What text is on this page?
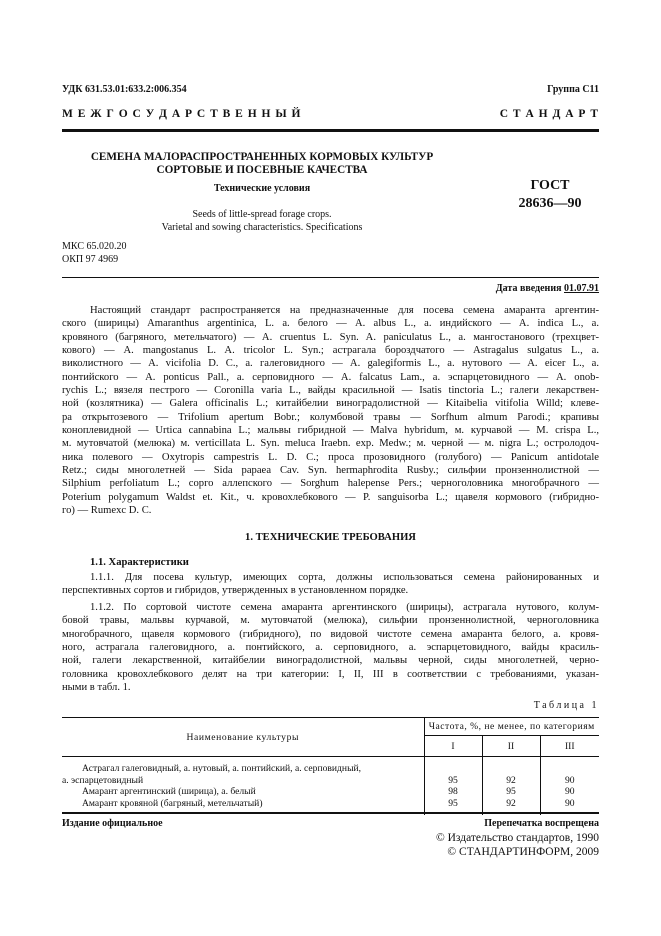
УДК 631.53.01:633.2:006.354	Группа С11
М Е Ж Г О С У Д А Р С Т В Е Н Н Ы Й	С Т А Н Д А Р Т
СЕМЕНА МАЛОРАСПРОСТРАНЕННЫХ КОРМОВЫХ КУЛЬТУР
СОРТОВЫЕ И ПОСЕВНЫЕ КАЧЕСТВА
Технические условия
Seeds of little-spread forage crops.
Varietal and sowing characteristics. Specifications
ГОСТ
28636—90
МКС 65.020.20
ОКП 97 4969
Дата введения 01.07.91
Настоящий стандарт распространяется на предназначенные для посева семена амаранта аргентин-
ского (ширицы) Amaranthus argentinica, L. а. белого — A. albus L., а. индийского — A. indica L., а.
кровяного (багряного, метельчатого) — A. cruentus L. Syn. A. paniculatus L., а. мангостанового (трехцвет-
кового) — A. mangostanus L. A. tricolor L. Syn.; астрагала бороздчатого — Astragalus sulgatus L., а.
виколистного — A. vicifolia D. C., а. галеговидного — A. galegiformis L., а. нутового — A. eicer L., а.
понтийского — A. ponticus Pall., а. серповидного — A. falcatus Lam., а. эспарцетовидного — A. onob-
rychis L.; вязеля пестрого — Coronilla varia L., вайды красильной — Isatis tinctoria L.; галеги лекарствен-
ной (козлятника) — Galera officinalis L.; китайбелии виноградолистной — Kitaibelia vitifolia Willd; клеве-
ра открытозевого — Trifolium apertum Bobr.; колумбовой травы — Sorfhum almum Parodi.; крапивы
коноплевидной — Urtica cannabina L.; мальвы гибридной — Malva hybridum, м. курчавой — M. crispa L.,
м. мутовчатой (мелюка) м. verticillata L. Syn. meluca Iraebn. exp. Medw.; м. черной — м. nigra L.; остролодоч-
ника полевого — Oxytropis campestris L. D. C.; проса прозовидного (голубого) — Panicum antidotale
Retz.; сиды многолетней — Sida paраеа Cav. Syn. hermaphrodita Rusby.; сильфии пронзеннолистной —
Silphium perfoliatum L.; сорго аллепского — Sorghum halepense Pers.; черноголовника многобрачного —
Poterium polygamum Waldst et. Kit., ч. кровохлебкового — P. sanguisorba L.; щавеля кормового (гибридно-
го) — Rumexc D. C.
1. ТЕХНИЧЕСКИЕ ТРЕБОВАНИЯ
1.1. Характеристики
1.1.1. Для посева культур, имеющих сорта, должны использоваться семена районированных и
перспективных сортов и гибридов, утвержденных в установленном порядке.
1.1.2. По сортовой чистоте семена амаранта аргентинского (ширицы), астрагала нутового, колум-
бовой травы, мальвы курчавой, м. мутовчатой (мелюка), сильфии пронзеннолистной, черноголовника
многобрачного, щавеля кормового (гибридного), по видовой чистоте семена амаранта белого, а. кровя-
ного, астрагала галеговидного, а. понтийского, а. серповидного, а. эспарцетовидного, вайды красиль-
ной, галеги лекарственной, китайбелии виноградолистной, мальвы черной, сиды многолетней, черно-
головника кровохлебкового делят на три категории: I, II, III в соответствии с требованиями, указан-
ными в табл. 1.
Таблица 1
Наименование культуры	Частота, %, не менее, по категориям		
	I	II	III

Астрагал галеговидный, а. нутовый, а. понтийский, а. серповидный,
а. эспарцетовидный	95	92	90
Амарант аргентинский (ширица), а. белый	98	95	90
Амарант кровяной (багряный, метельчатый)	95	92	90
Издание официальное	Перепечатка воспрещена
© Издательство стандартов, 1990
© СТАНДАРТИНФОРМ, 2009
